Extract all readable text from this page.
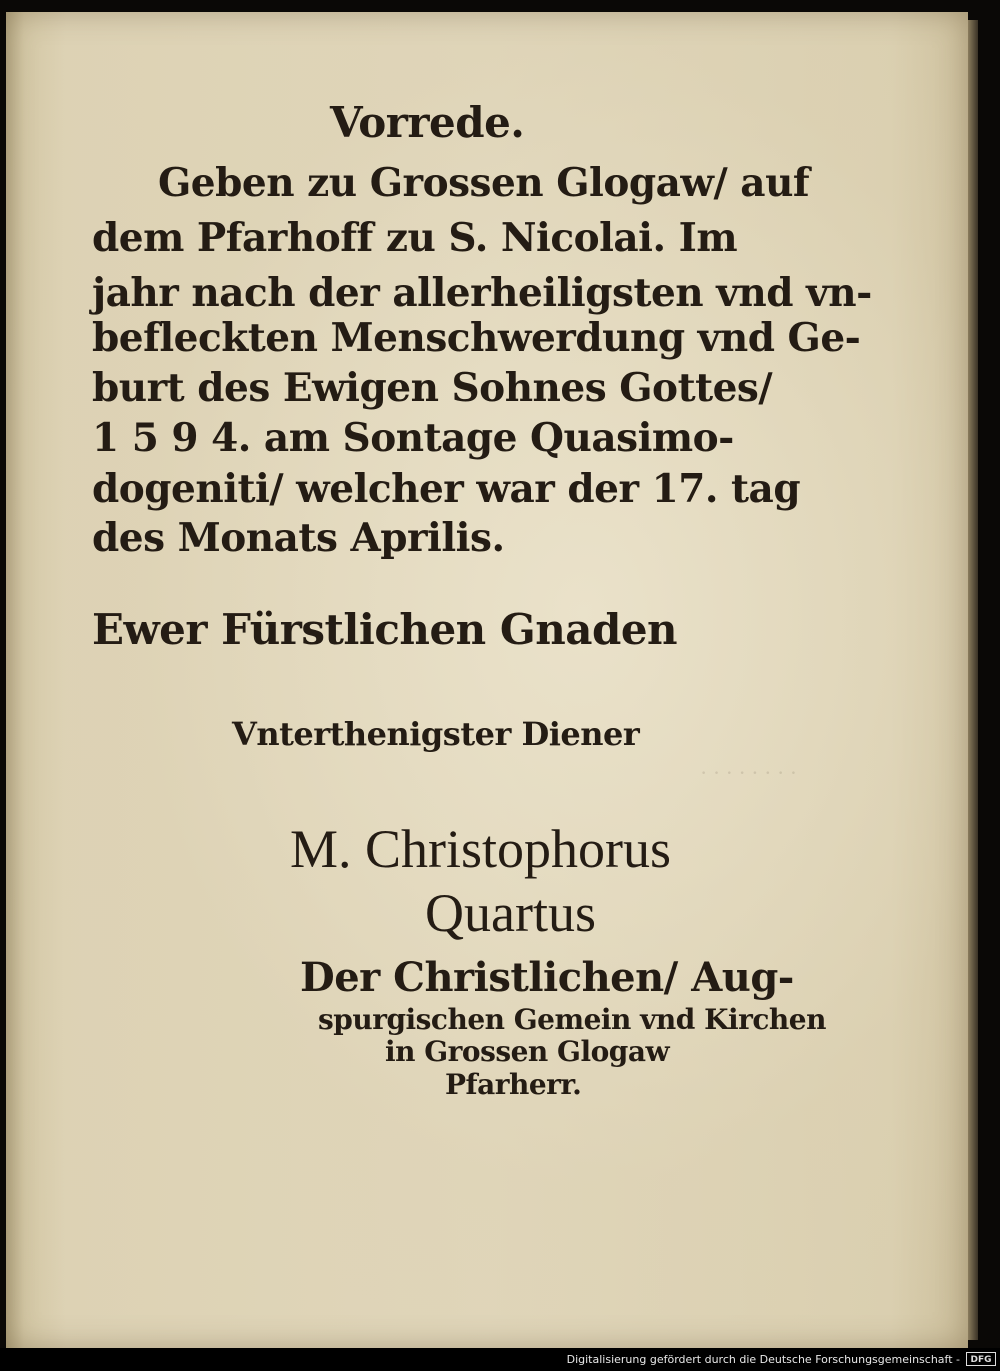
· · · · · · · ·
Vorrede.
Geben zu Grossen Glogaw/ auf
dem Pfarhoff zu S. Nicolai. Im
jahr nach der allerheiligsten vnd vn-
befleckten Menschwerdung vnd Ge-
burt des Ewigen Sohnes Gottes/
1 5 9 4. am Sontage Quasimo-
dogeniti/ welcher war der 17. tag
des Monats Aprilis.
Ewer Fürstlichen Gnaden
Vnterthenigster Diener
M. Christophorus
Quartus
Der Christlichen/ Aug-
spurgischen Gemein vnd Kirchen
in Grossen Glogaw
Pfarherr.
Digitalisierung gefördert durch die Deutsche Forschungsgemeinschaft -	DFG
